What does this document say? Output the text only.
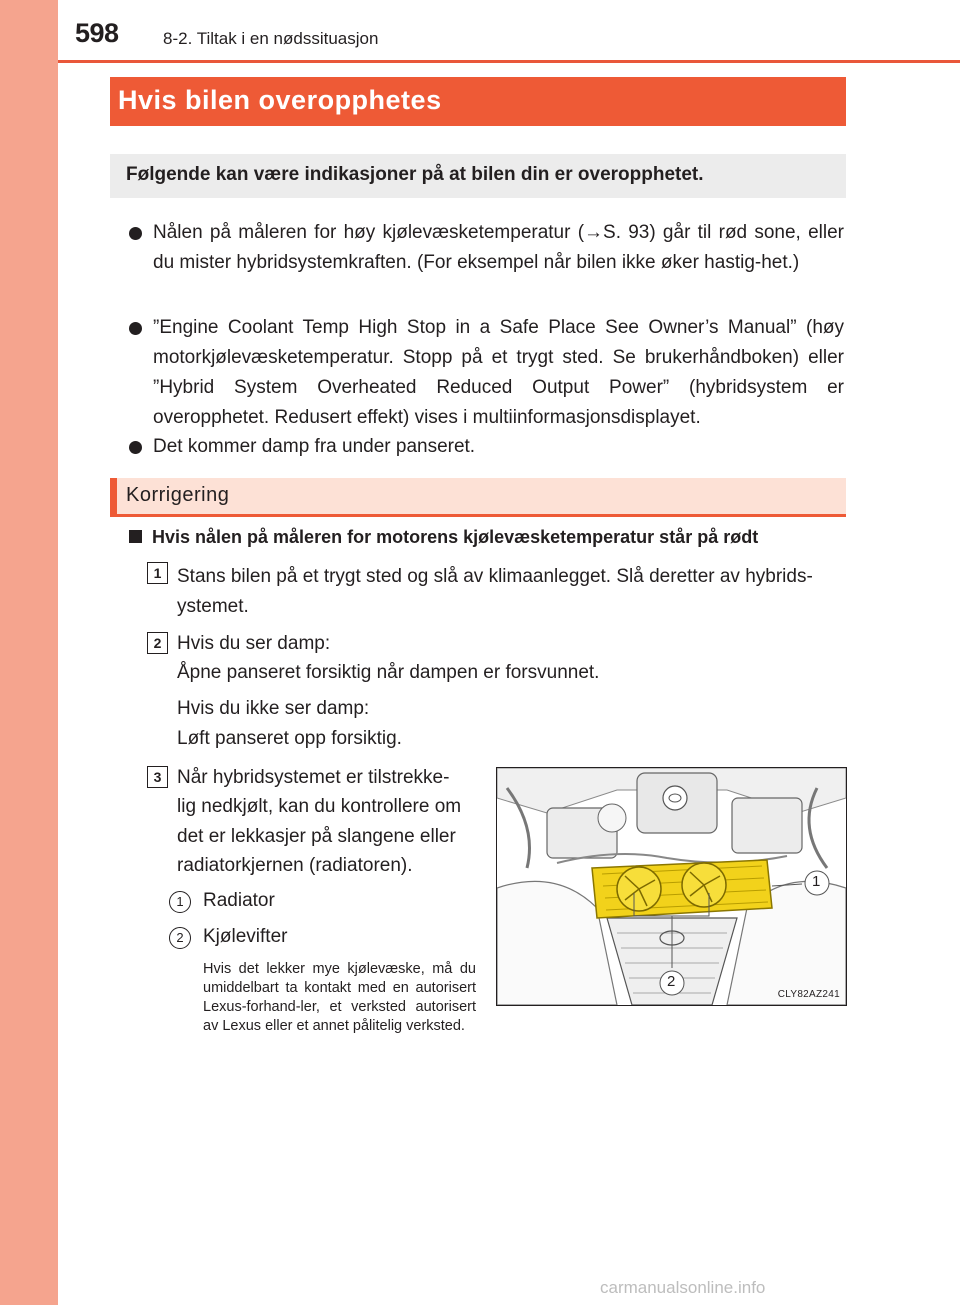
598	8-2. Tiltak i en nødssituasjon
Hvis bilen overopphetes
Følgende kan være indikasjoner på at bilen din er overopphetet.
Nålen på måleren for høy kjølevæsketemperatur (→S. 93) går til rød sone, eller du mister hybridsystemkraften. (For eksempel når bilen ikke øker hastig-het.)
”Engine Coolant Temp High Stop in a Safe Place See Owner’s Manual” (høy motorkjølevæsketemperatur. Stopp på et trygt sted. Se brukerhåndboken) eller ”Hybrid System Overheated Reduced Output Power” (hybridsystem er overopphetet. Redusert effekt) vises i multiinformasjonsdisplayet.
Det kommer damp fra under panseret.
Korrigering
Hvis nålen på måleren for motorens kjølevæsketemperatur står på rødt
1 Stans bilen på et trygt sted og slå av klimaanlegget. Slå deretter av hybrids-
ystemet.
2 Hvis du ser damp:
Åpne panseret forsiktig når dampen er forsvunnet.
Hvis du ikke ser damp:
Løft panseret opp forsiktig.
3 Når hybridsystemet er tilstrekke-
lig nedkjølt, kan du kontrollere om
det er lekkasjer på slangene eller
radiatorkjernen (radiatoren).
1	Radiator
2	Kjølevifter
Hvis det lekker mye kjølevæske, må du umiddelbart ta kontakt med en autorisert Lexus-forhand-ler, et verksted autorisert av Lexus eller et annet pålitelig verksted.
1
2
CLY82AZ241
carmanualsonline.info
